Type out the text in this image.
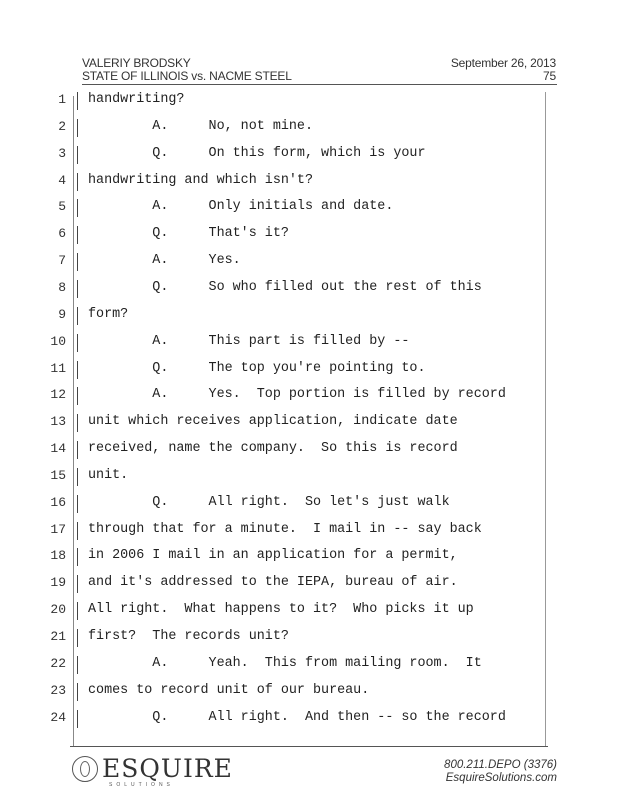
VALERIY BRODSKY
STATE OF ILLINOIS vs. NACME STEEL
September 26, 2013
75
1 handwriting?
2 A.     No, not mine.
3 Q.     On this form, which is your
4 handwriting and which isn't?
5 A.     Only initials and date.
6 Q.     That's it?
7 A.     Yes.
8 Q.     So who filled out the rest of this
9 form?
10 A.     This part is filled by --
11 Q.     The top you're pointing to.
12 A.     Yes.  Top portion is filled by record
13 unit which receives application, indicate date
14 received, name the company.  So this is record
15 unit.
16 Q.     All right.  So let's just walk
17 through that for a minute.  I mail in -- say back
18 in 2006 I mail in an application for a permit,
19 and it's addressed to the IEPA, bureau of air.
20 All right.  What happens to it?  Who picks it up
21 first?  The records unit?
22 A.     Yeah.  This from mailing room.  It
23 comes to record unit of our bureau.
24 Q.     All right.  And then -- so the record
ESQUIRE
SOLUTIONS
800.211.DEPO (3376)
EsquireSolutions.com
